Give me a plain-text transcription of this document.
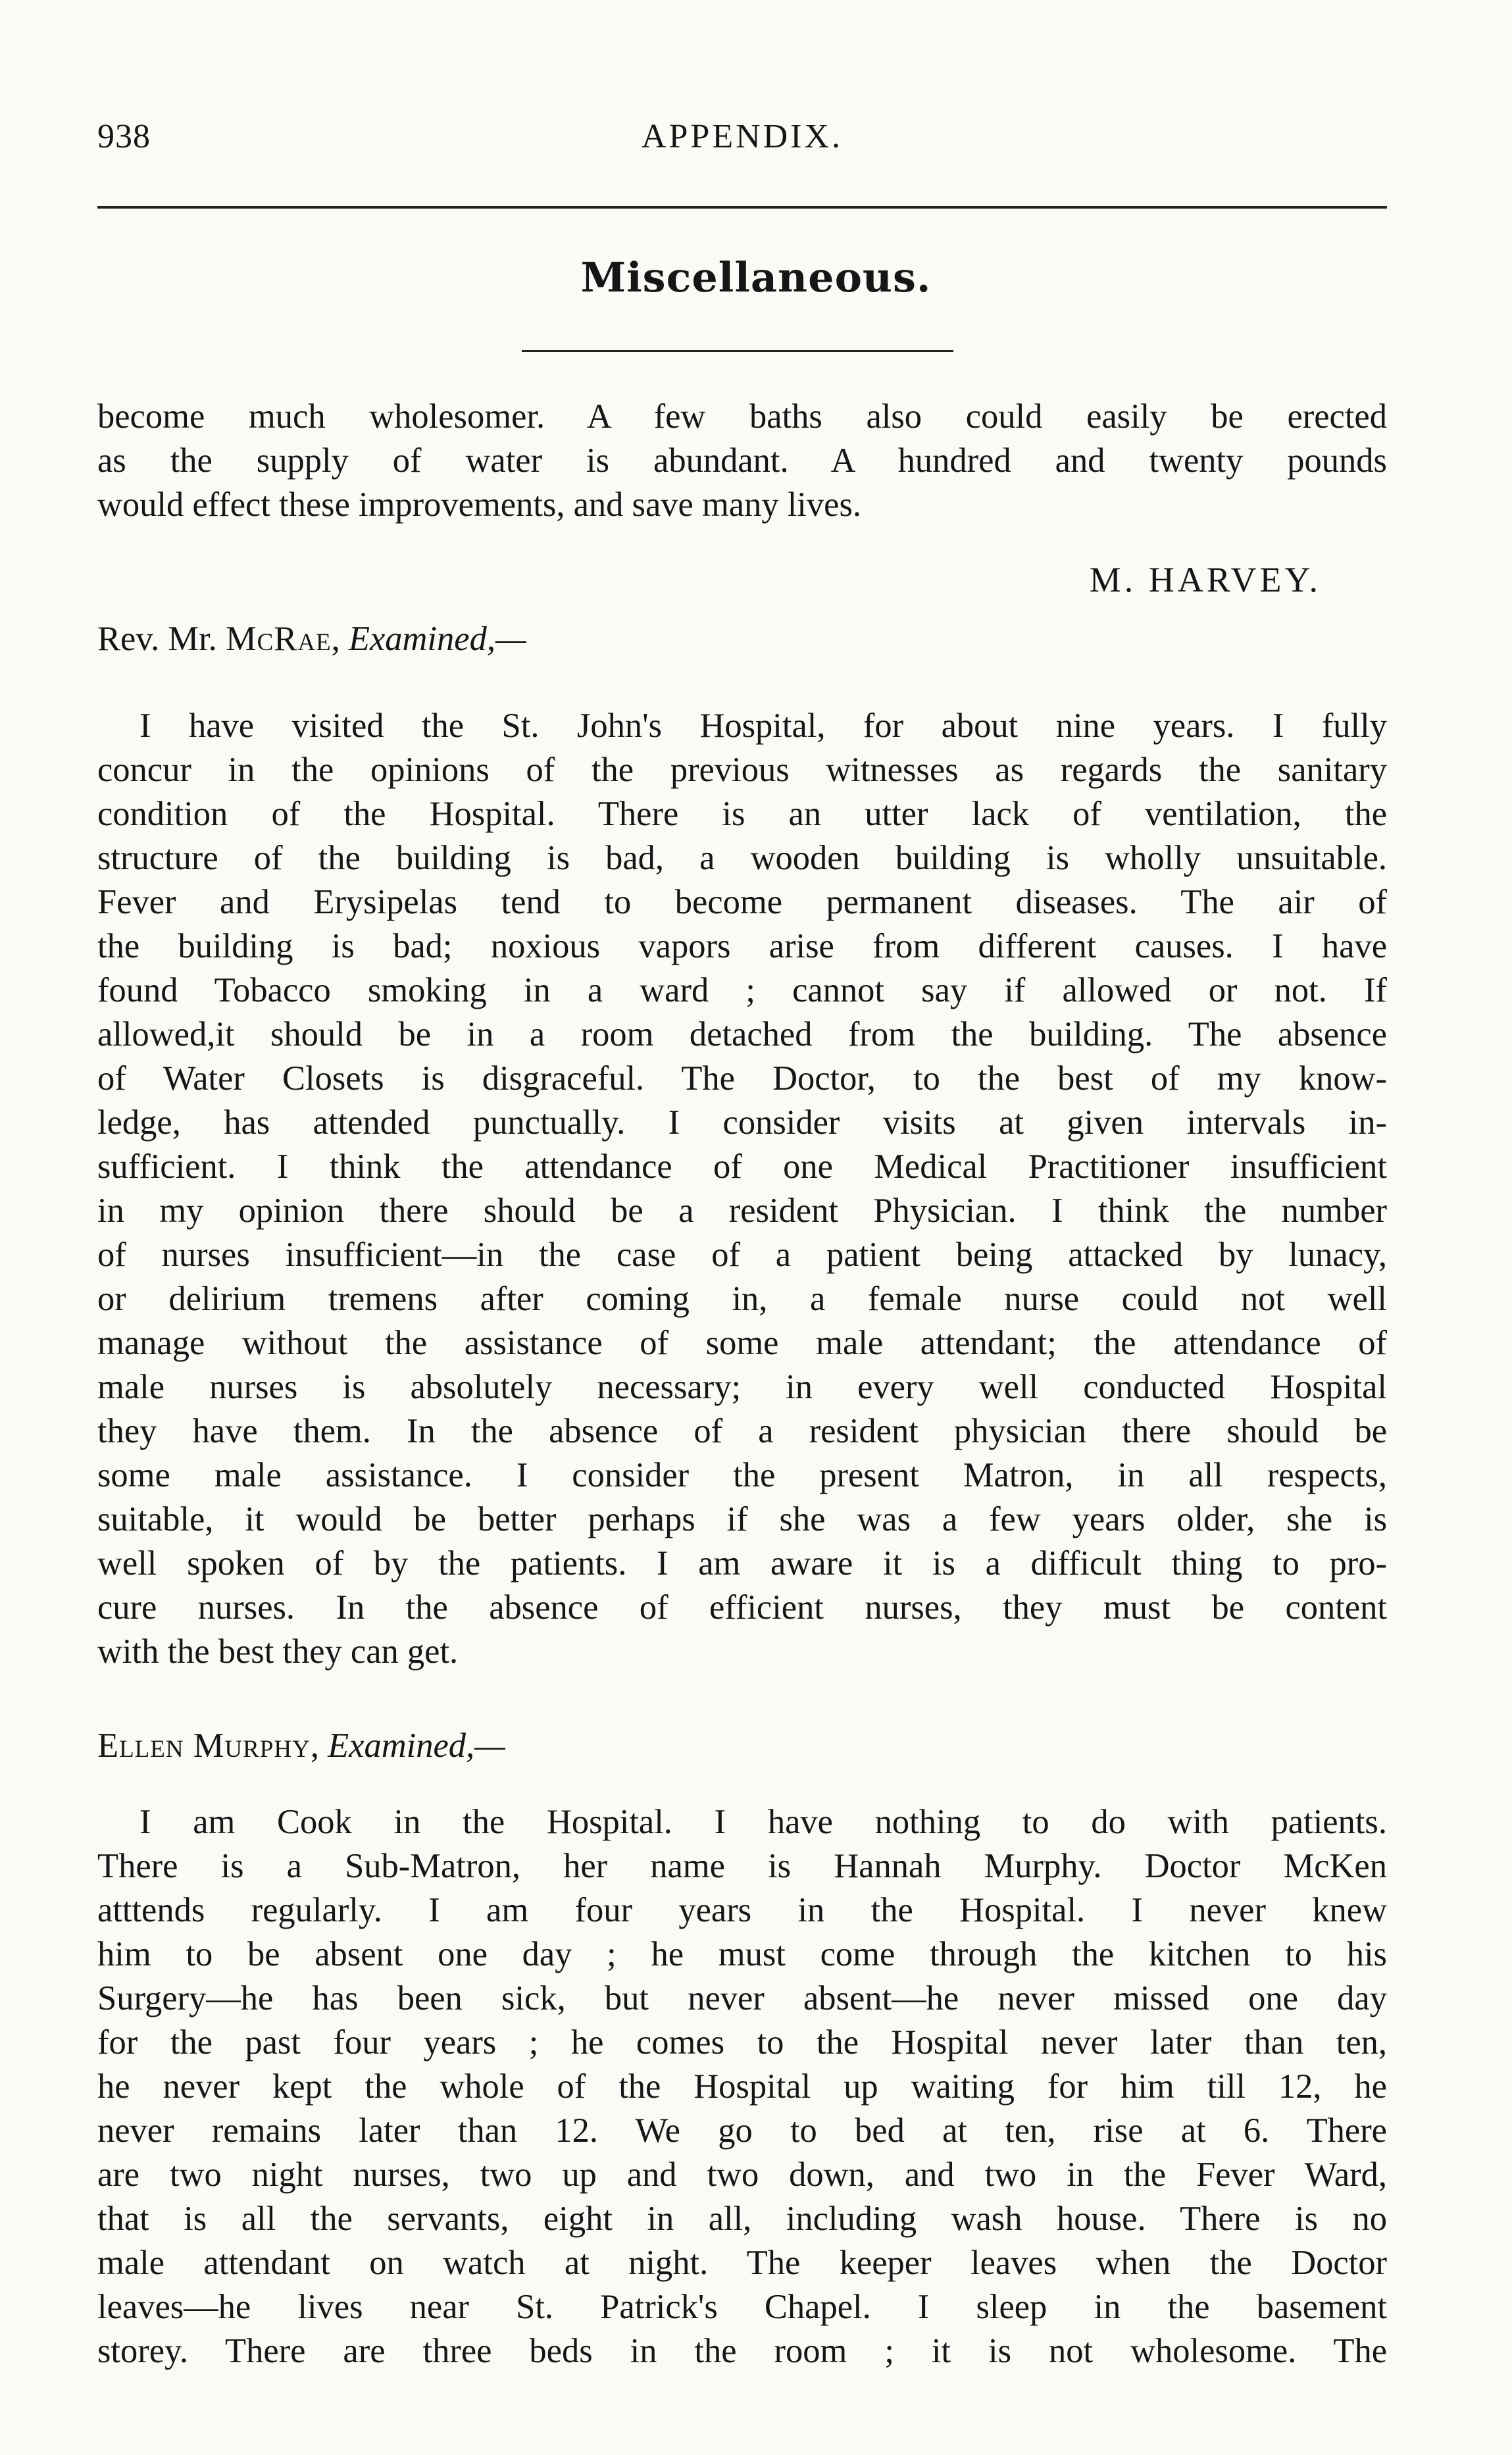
938	APPENDIX.
Miscellaneous.
become much wholesomer. A few baths also could easily be erected
as the supply of water is abundant. A hundred and twenty pounds
would effect these improvements, and save many lives.
M. HARVEY.
Rev. Mr. McRae, Examined,—
I have visited the St. John's Hospital, for about nine years. I fully
concur in the opinions of the previous witnesses as regards the sanitary
condition of the Hospital. There is an utter lack of ventilation, the
structure of the building is bad, a wooden building is wholly unsuitable.
Fever and Erysipelas tend to become permanent diseases. The air of
the building is bad; noxious vapors arise from different causes. I have
found Tobacco smoking in a ward ; cannot say if allowed or not. If
allowed,it should be in a room detached from the building. The absence
of Water Closets is disgraceful. The Doctor, to the best of my know-
ledge, has attended punctually. I consider visits at given intervals in-
sufficient. I think the attendance of one Medical Practitioner insufficient
in my opinion there should be a resident Physician. I think the number
of nurses insufficient—in the case of a patient being attacked by lunacy,
or delirium tremens after coming in, a female nurse could not well
manage without the assistance of some male attendant; the attendance of
male nurses is absolutely necessary; in every well conducted Hospital
they have them. In the absence of a resident physician there should be
some male assistance. I consider the present Matron, in all respects,
suitable, it would be better perhaps if she was a few years older, she is
well spoken of by the patients. I am aware it is a difficult thing to pro-
cure nurses. In the absence of efficient nurses, they must be content
with the best they can get.
Ellen Murphy, Examined,—
I am Cook in the Hospital. I have nothing to do with patients.
There is a Sub-Matron, her name is Hannah Murphy. Doctor McKen
atttends regularly. I am four years in the Hospital. I never knew
him to be absent one day ; he must come through the kitchen to his
Surgery—he has been sick, but never absent—he never missed one day
for the past four years ; he comes to the Hospital never later than ten,
he never kept the whole of the Hospital up waiting for him till 12, he
never remains later than 12. We go to bed at ten, rise at 6. There
are two night nurses, two up and two down, and two in the Fever Ward,
that is all the servants, eight in all, including wash house. There is no
male attendant on watch at night. The keeper leaves when the Doctor
leaves—he lives near St. Patrick's Chapel. I sleep in the basement
storey. There are three beds in the room ; it is not wholesome. The
